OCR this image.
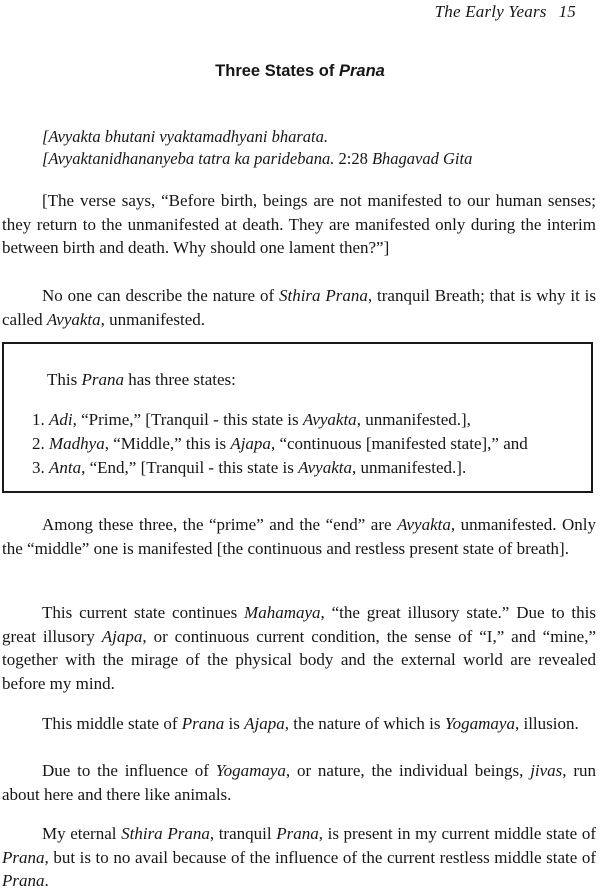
The Early Years 15
Three States of Prana
[Avyakta bhutani vyaktamadhyani bharata.
[Avyaktanidhananyeba tatra ka paridebana. 2:28 Bhagavad Gita
[The verse says, “Before birth, beings are not manifested to our human senses; they return to the unmanifested at death. They are manifested only during the interim between birth and death. Why should one lament then?”]
No one can describe the nature of Sthira Prana, tranquil Breath; that is why it is called Avyakta, unmanifested.
This Prana has three states:
1. Adi, “Prime,” [Tranquil - this state is Avyakta, unmanifested.],
2. Madhya, “Middle,” this is Ajapa, “continuous [manifested state],” and
3. Anta, “End,” [Tranquil - this state is Avyakta, unmanifested.].
Among these three, the “prime” and the “end” are Avyakta, unmanifested. Only the “middle” one is manifested [the continuous and restless present state of breath].
This current state continues Mahamaya, “the great illusory state.” Due to this great illusory Ajapa, or continuous current condition, the sense of “I,” and “mine,” together with the mirage of the physical body and the external world are revealed before my mind.
This middle state of Prana is Ajapa, the nature of which is Yogamaya, illusion.
Due to the influence of Yogamaya, or nature, the individual beings, jivas, run about here and there like animals.
My eternal Sthira Prana, tranquil Prana, is present in my current middle state of Prana, but is to no avail because of the influence of the current restless middle state of Prana.
